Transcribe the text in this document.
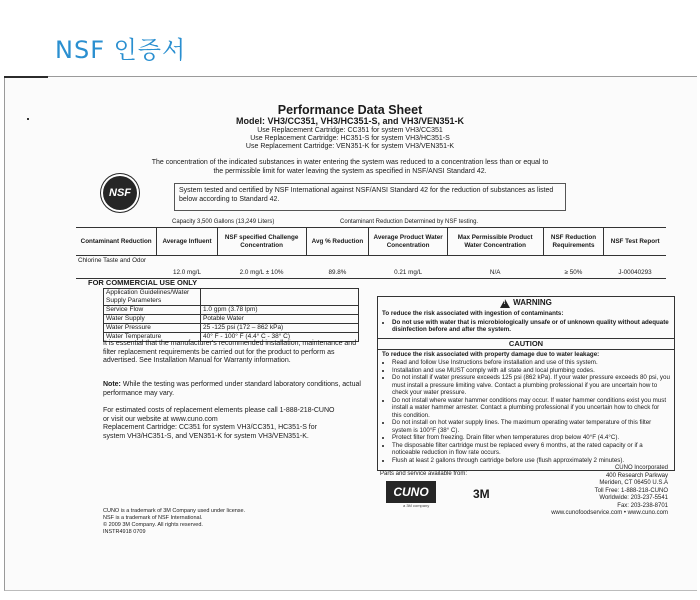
NSF 인증서
Performance Data Sheet
Model: VH3/CC351, VH3/HC351-S, and VH3/VEN351-K
Use Replacement Cartridge: CC351 for system VH3/CC351
Use Replacement Cartridge: HC351-S for system VH3/HC351-S
Use Replacement Cartridge: VEN351-K for system VH3/VEN351-K
The concentration of the indicated substances in water entering the system was reduced to a concentration less than or equal to the permissible limit for water leaving the system as specified in NSF/ANSI Standard 42.
NSF	System tested and certified by NSF International against NSF/ANSI Standard 42 for the reduction of substances as listed below according to Standard 42.
Capacity 3,500 Gallons (13,249 Liters)	Contaminant Reduction Determined by NSF testing.
Contaminant Reduction	Average Influent	NSF specified Challenge Concentration	Avg % Reduction	Average Product Water Concentration	Max Permissible Product Water Concentration	NSF Reduction Requirements	NSF Test Report
Chlorine Taste and Odor	12.0 mg/L	2.0 mg/L ± 10%	89.8%	0.21 mg/L	N/A	≥ 50%	J-00040293
FOR COMMERCIAL USE ONLY
Application Guidelines/Water Supply Parameters	
Service Flow	1.0 gpm (3.78 lpm)
Water Supply	Potable Water
Water Pressure	25 -125 psi (172 – 862 kPa)
Water Temperature	40° F - 100° F (4.4° C - 38° C)
It is essential that the manufacturer's recommended installation, maintenance and filter replacement requirements be carried out for the product to perform as advertised. See Installation Manual for Warranty information.
Note: While the testing was performed under standard laboratory conditions, actual performance may vary.
For estimated costs of replacement elements please call 1-888-218-CUNO
or visit our website at www.cuno.com
Replacement Cartridge: CC351 for system VH3/CC351, HC351-S for
system VH3/HC351-S, and VEN351-K for system VH3/VEN351-K.
CUNO is a trademark of 3M Company used under license.
NSF is a trademark of NSF International.
© 2009 3M Company. All rights reserved.
INSTR4918 0709
!
WARNING
To reduce the risk associated with ingestion of contaminants:
• Do not use with water that is microbiologically unsafe or of unknown quality without adequate disinfection before and after the system.
CAUTION
To reduce the risk associated with property damage due to water leakage:
• Read and follow Use Instructions before installation and use of this system.
• Installation and use MUST comply with all state and local plumbing codes.
• Do not install if water pressure exceeds 125 psi (862 kPa). If your water pressure exceeds 80 psi, you must install a pressure limiting valve. Contact a plumbing professional if you are uncertain how to check your water pressure.
• Do not install where water hammer conditions may occur. If water hammer conditions exist you must install a water hammer arrester. Contact a plumbing professional if you uncertain how to check for this condition.
• Do not install on hot water supply lines. The maximum operating water temperature of this filter system is 100°F (38° C).
• Protect filter from freezing. Drain filter when temperatures drop below 40°F (4.4°C).
• The disposable filter cartridge must be replaced every 6 months, at the rated capacity or if a noticeable reduction in flow rate occurs.
• Flush at least 2 gallons through cartridge before use (flush approximately 2 minutes).
Parts and service available from:
CUNO
a 3M company
3M
CUNO Incorporated
400 Research Parkway
Meriden, CT 06450 U.S.A
Toll Free: 1-888-218-CUNO
Worldwide: 203-237-5541
Fax: 203-238-8701
www.cunofoodservice.com • www.cuno.com
